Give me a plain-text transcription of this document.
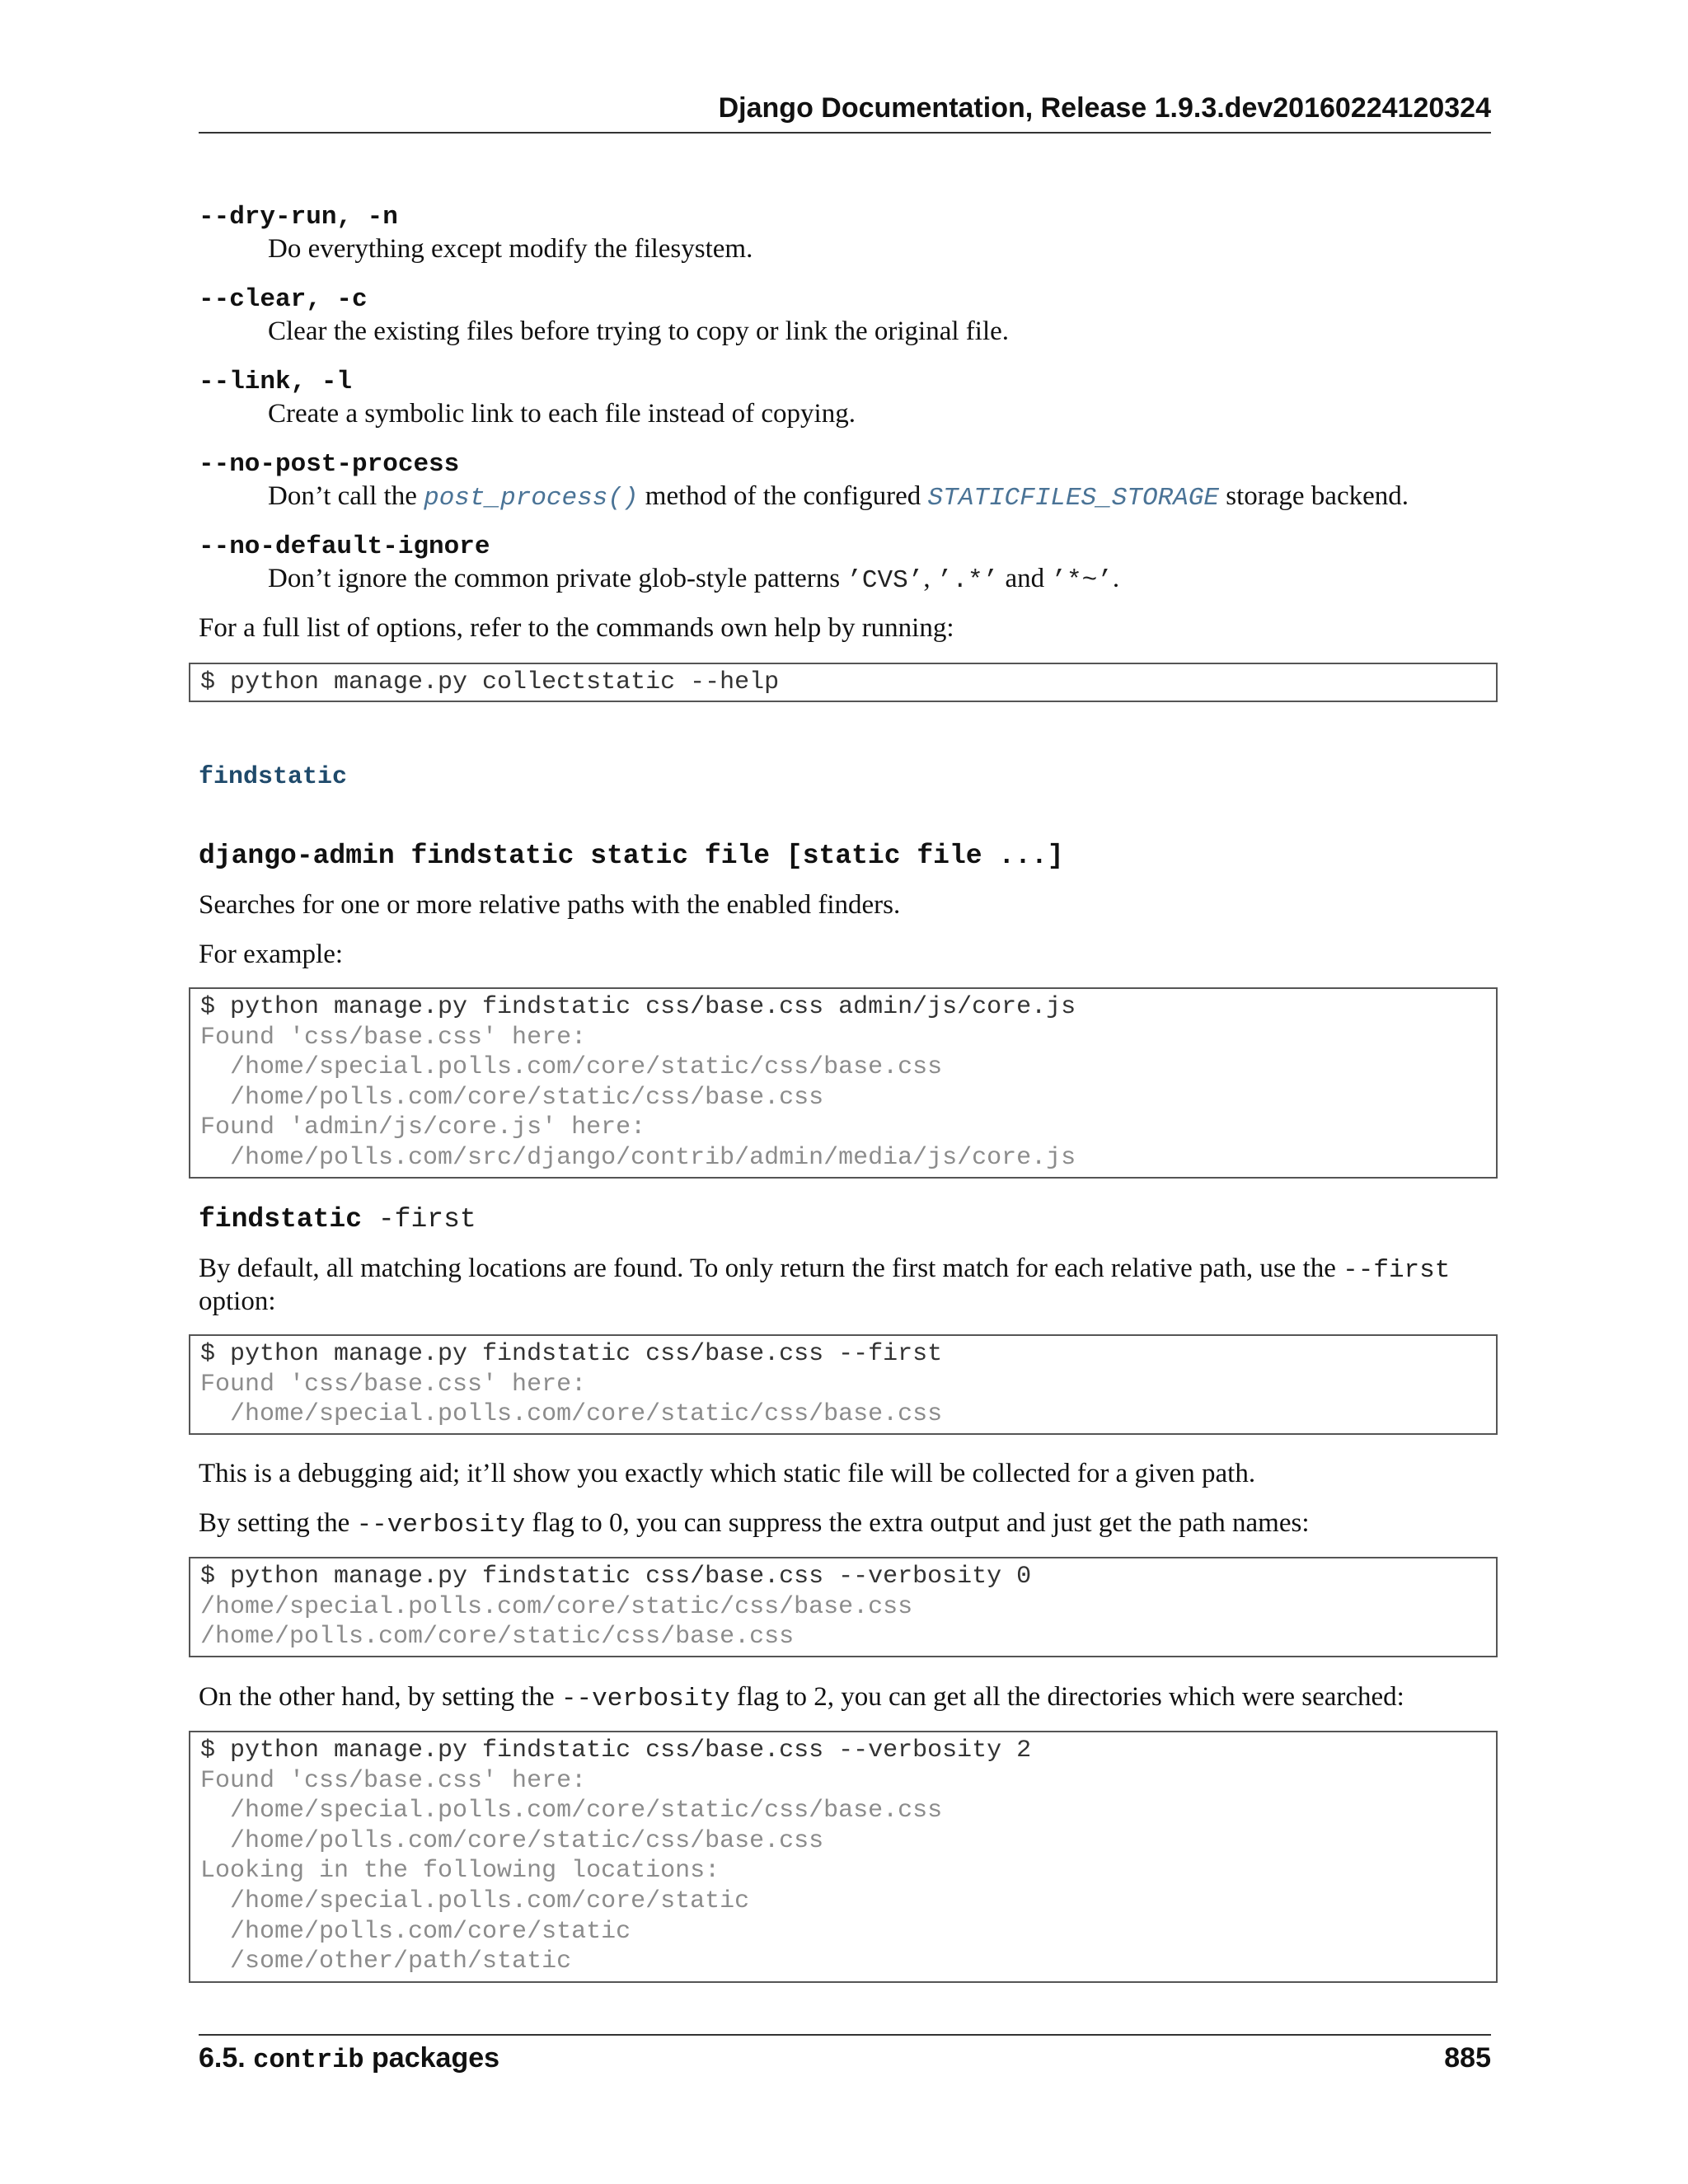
Django Documentation, Release 1.9.3.dev20160224120324
--dry-run, -n
Do everything except modify the filesystem.
--clear, -c
Clear the existing files before trying to copy or link the original file.
--link, -l
Create a symbolic link to each file instead of copying.
--no-post-process
Don’t call the post_process() method of the configured STATICFILES_STORAGE storage backend.
--no-default-ignore
Don’t ignore the common private glob-style patterns ’CVS’, ’.*’ and ’*~’.
For a full list of options, refer to the commands own help by running:
$ python manage.py collectstatic --help
findstatic
django-admin findstatic static file [static file ...]
Searches for one or more relative paths with the enabled finders.
For example:
$ python manage.py findstatic css/base.css admin/js/core.js
Found 'css/base.css' here:
/home/special.polls.com/core/static/css/base.css
/home/polls.com/core/static/css/base.css
Found 'admin/js/core.js' here:
/home/polls.com/src/django/contrib/admin/media/js/core.js
findstatic -first
By default, all matching locations are found. To only return the first match for each relative path, use the --first
option:
$ python manage.py findstatic css/base.css --first
Found 'css/base.css' here:
/home/special.polls.com/core/static/css/base.css
This is a debugging aid; it’ll show you exactly which static file will be collected for a given path.
By setting the --verbosity flag to 0, you can suppress the extra output and just get the path names:
$ python manage.py findstatic css/base.css --verbosity 0
/home/special.polls.com/core/static/css/base.css
/home/polls.com/core/static/css/base.css
On the other hand, by setting the --verbosity flag to 2, you can get all the directories which were searched:
$ python manage.py findstatic css/base.css --verbosity 2
Found 'css/base.css' here:
/home/special.polls.com/core/static/css/base.css
/home/polls.com/core/static/css/base.css
Looking in the following locations:
/home/special.polls.com/core/static
/home/polls.com/core/static
/some/other/path/static
6.5. contrib packages	885
